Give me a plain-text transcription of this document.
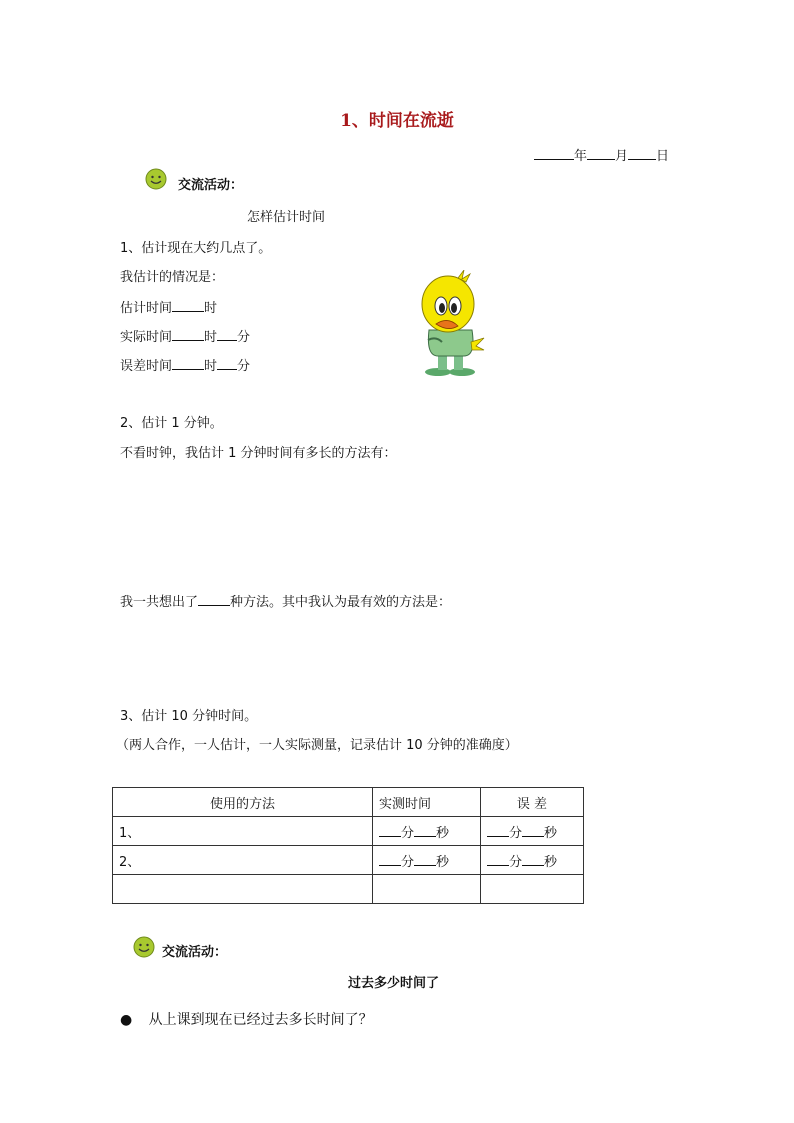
1、时间在流逝
年 月 日
交流活动：
怎样估计时间
1、估计现在大约几点了。
我估计的情况是：
估计时间 时
实际时间 时 分
误差时间 时 分
2、估计 1 分钟。
不看时钟，我估计 1 分钟时间有多长的方法有：
我一共想出了 种方法。其中我认为最有效的方法是：
3、估计 10 分钟时间。
（两人合作，一人估计，一人实际测量，记录估计 10 分钟的准确度）
使用的方法	实测时间	误 差
1、	分 秒	分 秒
2、	分 秒	分 秒

交流活动：
过去多少时间了
● 从上课到现在已经过去多长时间了？
